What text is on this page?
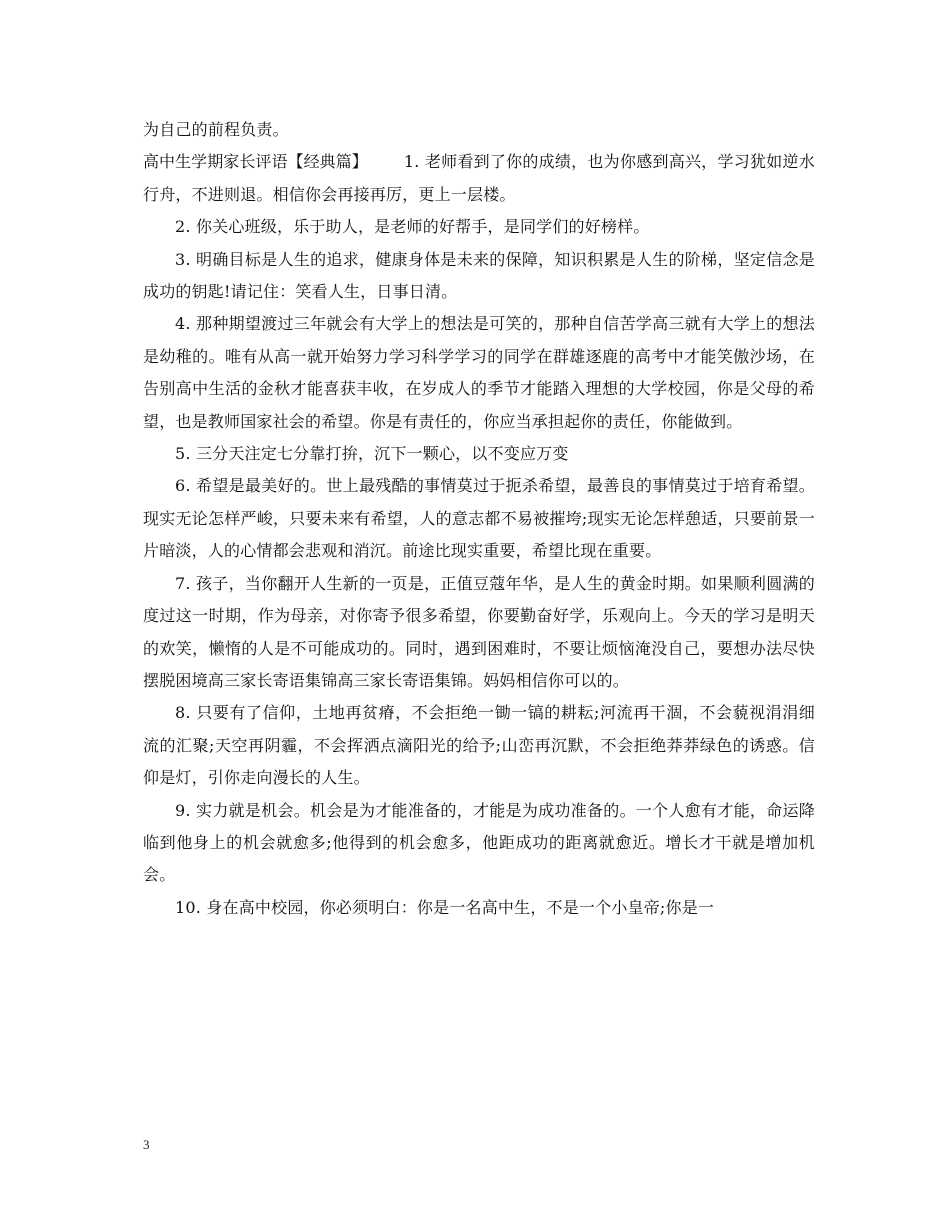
为自己的前程负责。

高中生学期家长评语【经典篇】 1. 老师看到了你的成绩，也为你感到高兴，学习犹如逆水行舟，不进则退。相信你会再接再厉，更上一层楼。

2. 你关心班级，乐于助人，是老师的好帮手，是同学们的好榜样。

3. 明确目标是人生的追求，健康身体是未来的保障，知识积累是人生的阶梯，坚定信念是成功的钥匙!请记住：笑看人生，日事日清。

4. 那种期望渡过三年就会有大学上的想法是可笑的，那种自信苦学高三就有大学上的想法是幼稚的。唯有从高一就开始努力学习科学学习的同学在群雄逐鹿的高考中才能笑傲沙场，在告别高中生活的金秋才能喜获丰收，在岁成人的季节才能踏入理想的大学校园，你是父母的希望，也是教师国家社会的希望。你是有责任的，你应当承担起你的责任，你能做到。

5. 三分天注定七分靠打拚，沉下一颗心，以不变应万变

6. 希望是最美好的。世上最残酷的事情莫过于扼杀希望，最善良的事情莫过于培育希望。现实无论怎样严峻，只要未来有希望，人的意志都不易被摧垮;现实无论怎样憩适，只要前景一片暗淡，人的心情都会悲观和消沉。前途比现实重要，希望比现在重要。

7. 孩子，当你翻开人生新的一页是，正值豆蔻年华，是人生的黄金时期。如果顺利圆满的度过这一时期，作为母亲，对你寄予很多希望，你要勤奋好学，乐观向上。今天的学习是明天的欢笑，懒惰的人是不可能成功的。同时，遇到困难时，不要让烦恼淹没自己，要想办法尽快摆脱困境高三家长寄语集锦高三家长寄语集锦。妈妈相信你可以的。

8. 只要有了信仰，土地再贫瘠，不会拒绝一锄一镐的耕耘;河流再干涸，不会藐视涓涓细流的汇聚;天空再阴霾，不会挥洒点滴阳光的给予;山峦再沉默，不会拒绝莽莽绿色的诱惑。信仰是灯，引你走向漫长的人生。

9. 实力就是机会。机会是为才能准备的，才能是为成功准备的。一个人愈有才能，命运降临到他身上的机会就愈多;他得到的机会愈多，他距成功的距离就愈近。增长才干就是增加机会。

10. 身在高中校园，你必须明白：你是一名高中生，不是一个小皇帝;你是一

3
